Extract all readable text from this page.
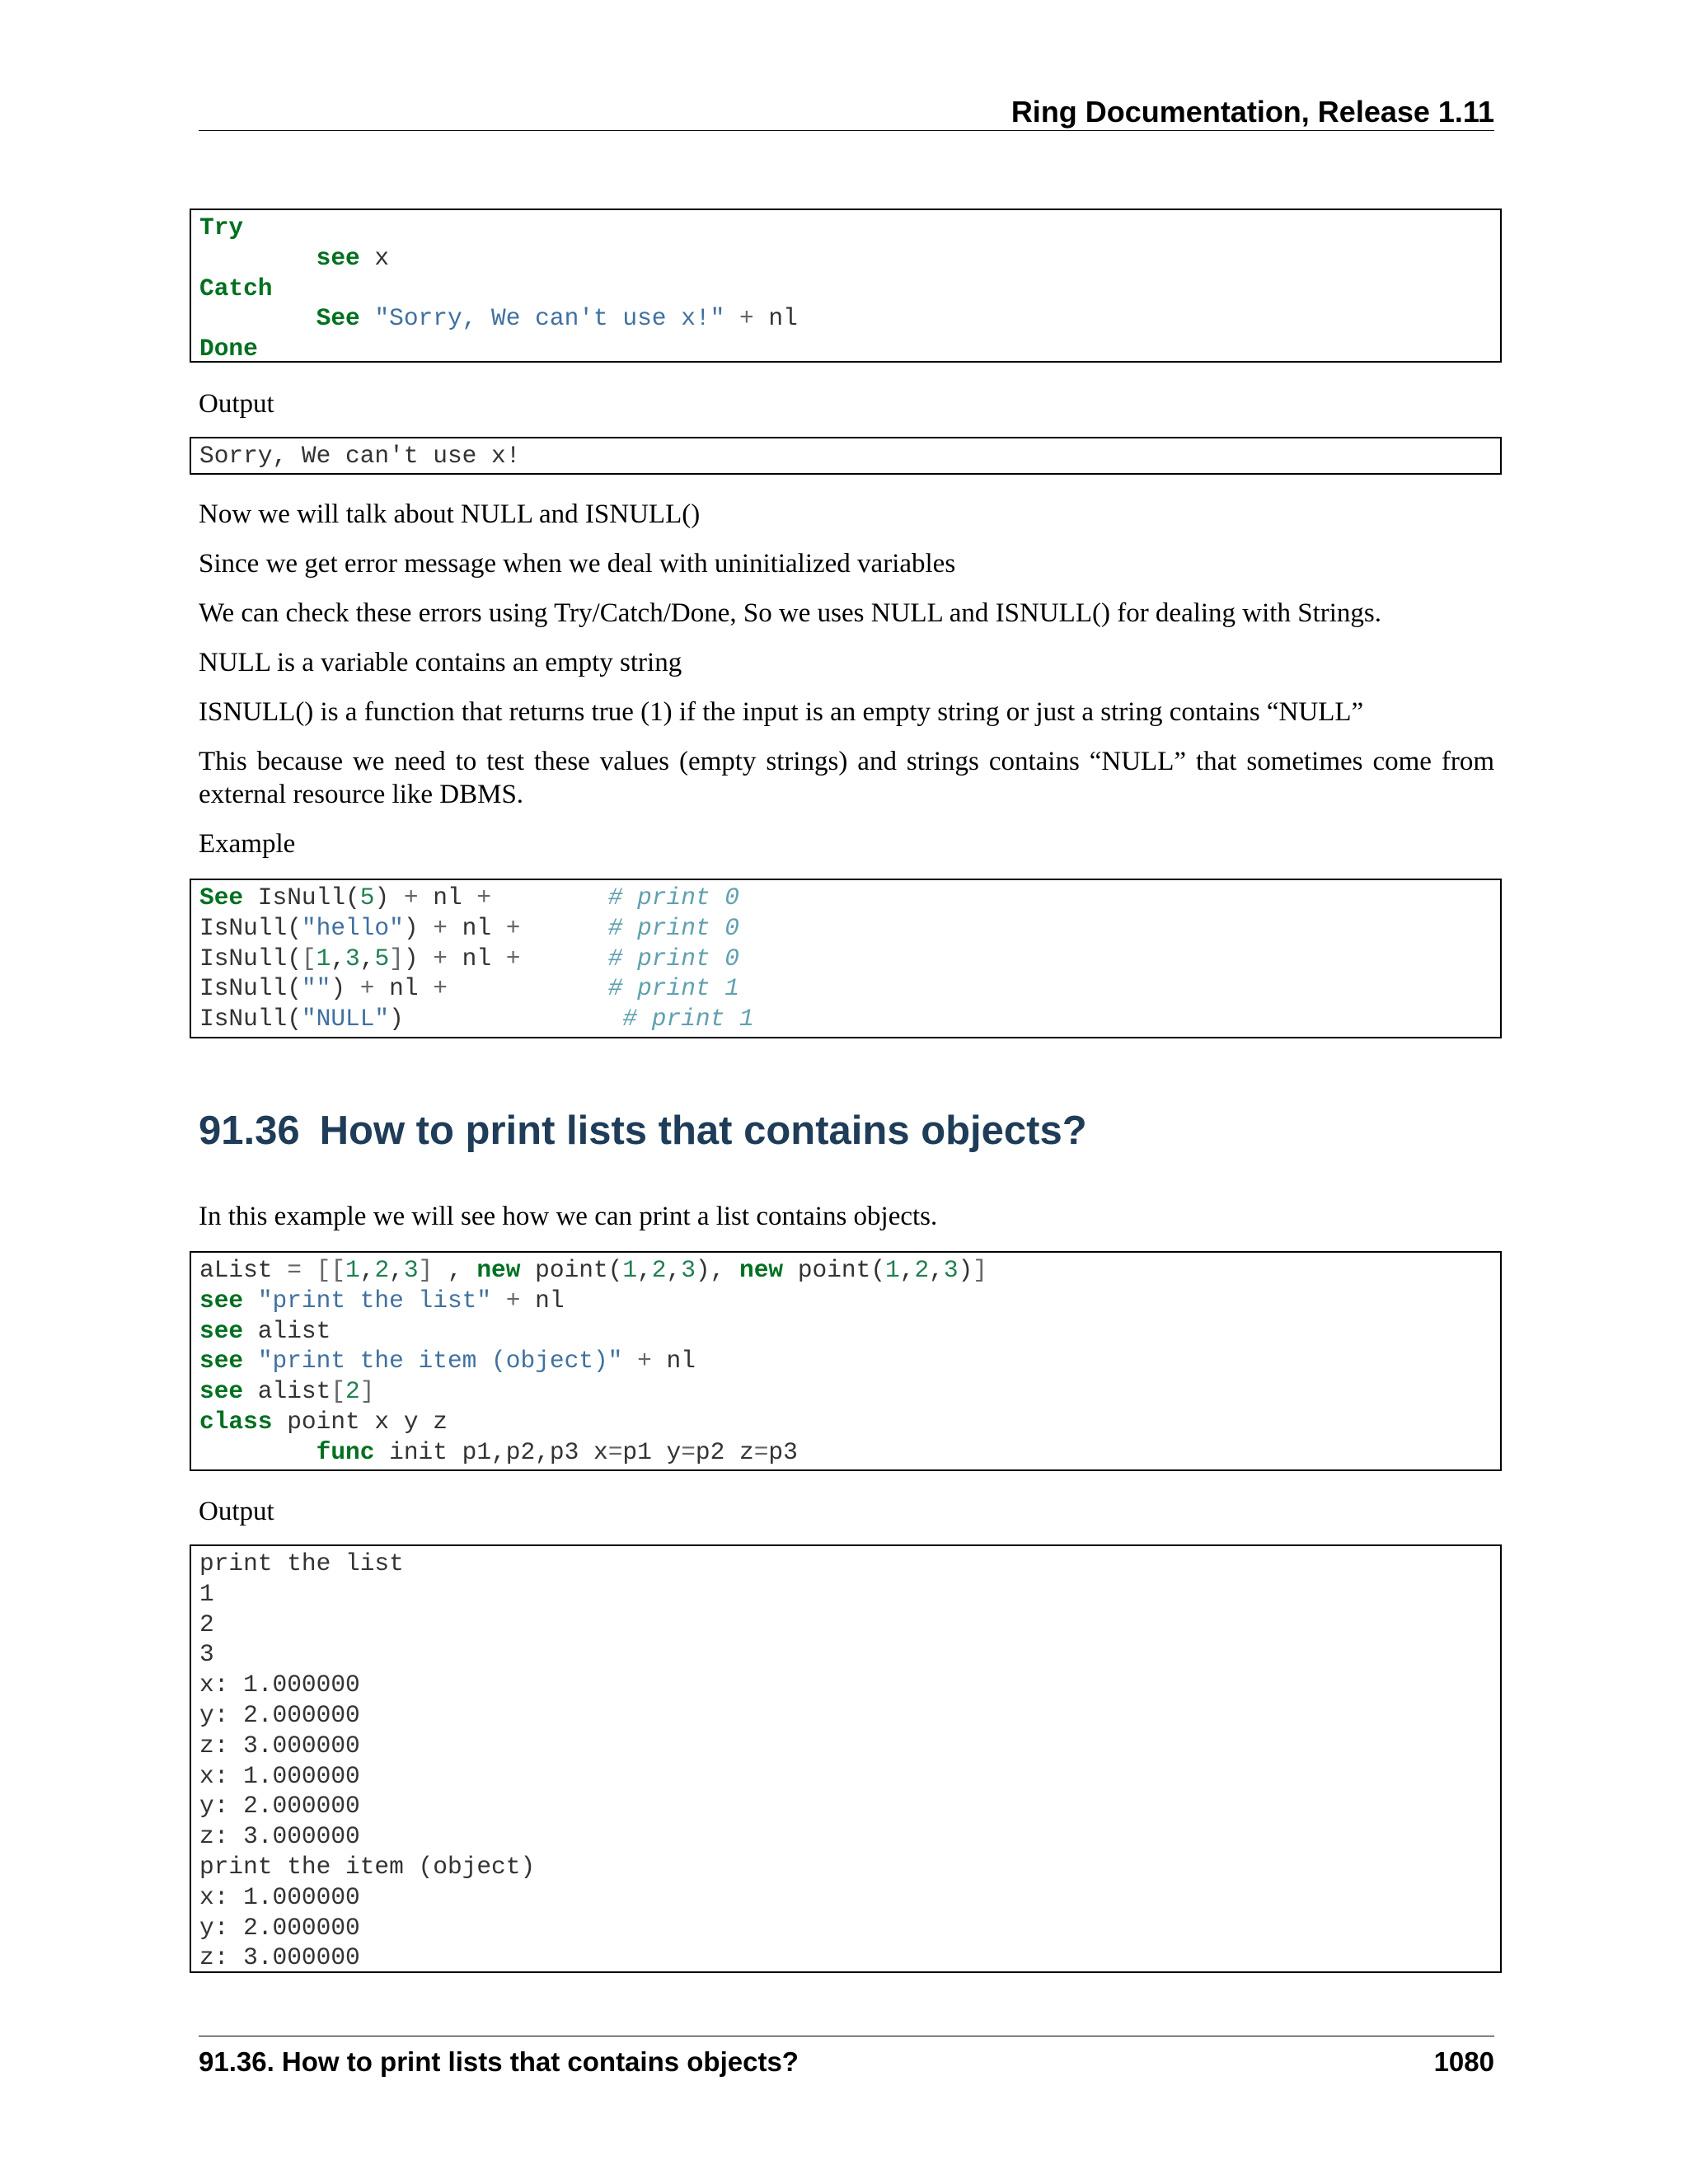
Ring Documentation, Release 1.11
Try
see x
Catch
See "Sorry, We can't use x!" + nl
Done
Output
Sorry, We can't use x!
Now we will talk about NULL and ISNULL()
Since we get error message when we deal with uninitialized variables
We can check these errors using Try/Catch/Done, So we uses NULL and ISNULL() for dealing with Strings.
NULL is a variable contains an empty string
ISNULL() is a function that returns true (1) if the input is an empty string or just a string contains “NULL”
This because we need to test these values (empty strings) and strings contains “NULL” that sometimes come from external resource like DBMS.
Example
See IsNull(5) + nl +	# print 0
IsNull("hello") + nl +	# print 0
IsNull([1,3,5]) + nl +	# print 0
IsNull("") + nl +	# print 1
IsNull("NULL")	# print 1
91.36 How to print lists that contains objects?
In this example we will see how we can print a list contains objects.
aList = [[1,2,3] , new point(1,2,3), new point(1,2,3)]
see "print the list" + nl
see alist
see "print the item (object)" + nl
see alist[2]
class point x y z
func init p1,p2,p3 x=p1 y=p2 z=p3
Output
print the list
1
2
3
x: 1.000000
y: 2.000000
z: 3.000000
x: 1.000000
y: 2.000000
z: 3.000000
print the item (object)
x: 1.000000
y: 2.000000
z: 3.000000
91.36. How to print lists that contains objects?	1080
